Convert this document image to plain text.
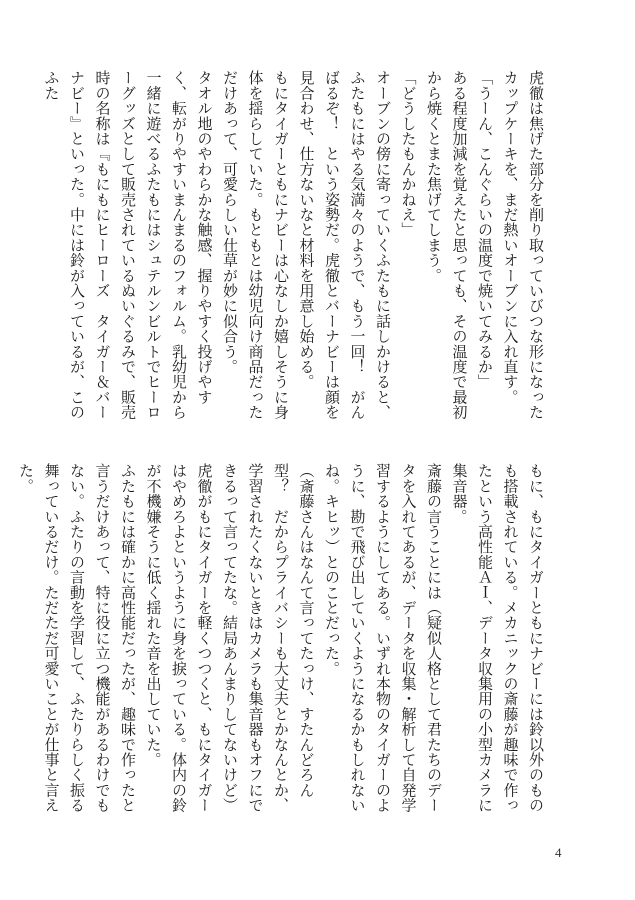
虎徹は焦げた部分を削り取っていびつな形になったカップケーキを、まだ熱いオーブンに入れ直す。

「うーん、こんぐらいの温度で焼いてみるか」

ある程度加減を覚えたと思っても、その温度で最初から焼くとまた焦げてしまう。

「どうしたもんかねえ」

オーブンの傍に寄っていくふたもに話しかけると、ふたもにはやる気満々のようで、もう一回！　がんばるぞ！　という姿勢だ。虎徹とバーナビーは顔を見合わせ、仕方ないなと材料を用意し始める。

もにタイガーともにナビーは心なしか嬉しそうに身体を揺らしていた。もともとは幼児向け商品だっただけあって、可愛らしい仕草が妙に似合う。

タオル地のやわらかな触感、握りやすく投げやすく、転がりやすいまんまるのフォルム。乳幼児から一緒に遊べるふたもにはシュテルンビルトでヒーローグッズとして販売されているぬいぐるみで、販売時の名称は『もにもにヒーローズ　タイガー＆バーナビー』といった。中には鈴が入っているが、このふた

もに、もにタイガーともにナビーには鈴以外のものも搭載されている。メカニックの斎藤が趣味で作ったという高性能ＡＩ、データ収集用の小型カメラに集音器。

斎藤の言うことには（疑似人格として君たちのデータを入れてあるが、データを収集・解析して自発学習するようにしてある。いずれ本物のタイガーのように、勘で飛び出していくようになるかもしれないね。キヒッ）とのことだった。

（斎藤さんはなんて言ってたっけ、すたんどろん型？　だからプライバシーも大丈夫とかなんとか、学習されたくないときはカメラも集音器もオフにできるって言ってたな。結局あんまりしてないけど）

虎徹がもにタイガーを軽くつつくと、もにタイガーはやめろよというように身を捩っている。体内の鈴が不機嫌そうに低く揺れた音を出していた。

ふたもには確かに高性能だったが、趣味で作ったと言うだけあって、特に役に立つ機能があるわけでもない。ふたりの言動を学習して、ふたりらしく振る舞っているだけ。ただただ可愛いことが仕事と言えた。

4
